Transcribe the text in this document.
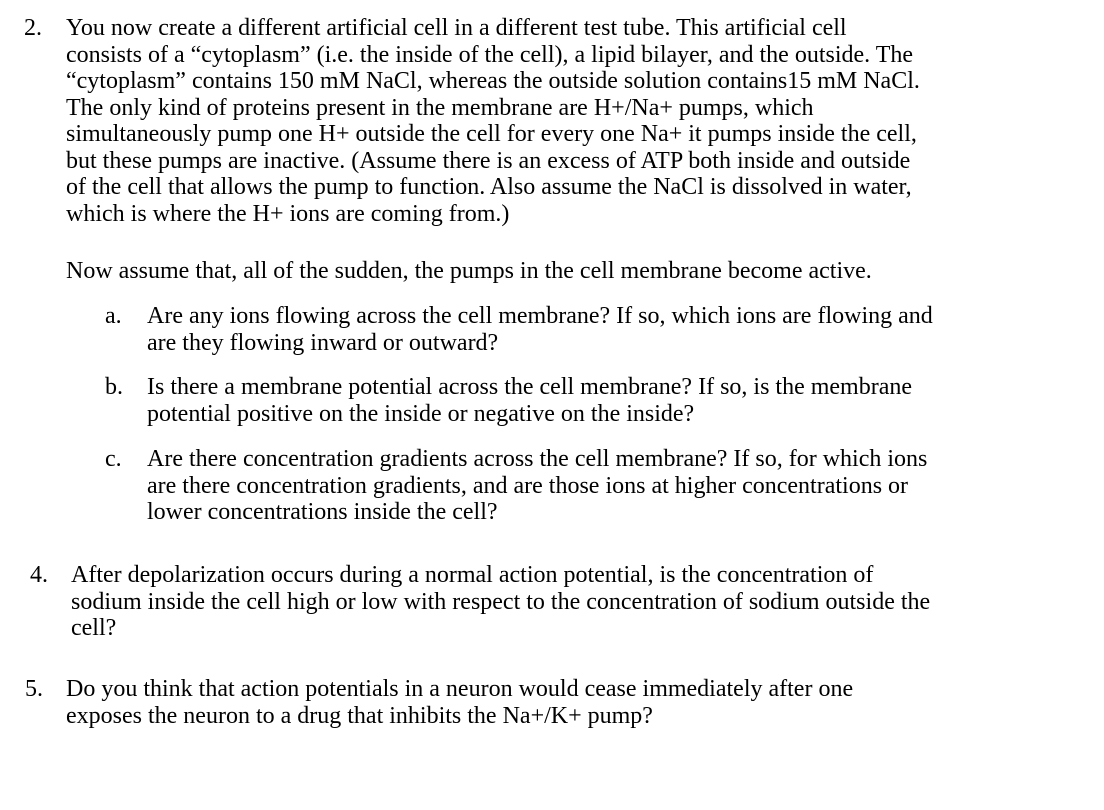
2. You now create a different artificial cell in a different test tube. This artificial cell
consists of a “cytoplasm” (i.e. the inside of the cell), a lipid bilayer, and the outside. The
“cytoplasm” contains 150 mM NaCl, whereas the outside solution contains15 mM NaCl.
The only kind of proteins present in the membrane are H+/Na+ pumps, which
simultaneously pump one H+ outside the cell for every one Na+ it pumps inside the cell,
but these pumps are inactive. (Assume there is an excess of ATP both inside and outside
of the cell that allows the pump to function. Also assume the NaCl is dissolved in water,
which is where the H+ ions are coming from.)
Now assume that, all of the sudden, the pumps in the cell membrane become active.
a. Are any ions flowing across the cell membrane? If so, which ions are flowing and
are they flowing inward or outward?
b. Is there a membrane potential across the cell membrane? If so, is the membrane
potential positive on the inside or negative on the inside?
c. Are there concentration gradients across the cell membrane? If so, for which ions
are there concentration gradients, and are those ions at higher concentrations or
lower concentrations inside the cell?
4. After depolarization occurs during a normal action potential, is the concentration of
sodium inside the cell high or low with respect to the concentration of sodium outside the
cell?
5. Do you think that action potentials in a neuron would cease immediately after one
exposes the neuron to a drug that inhibits the Na+/K+ pump?
